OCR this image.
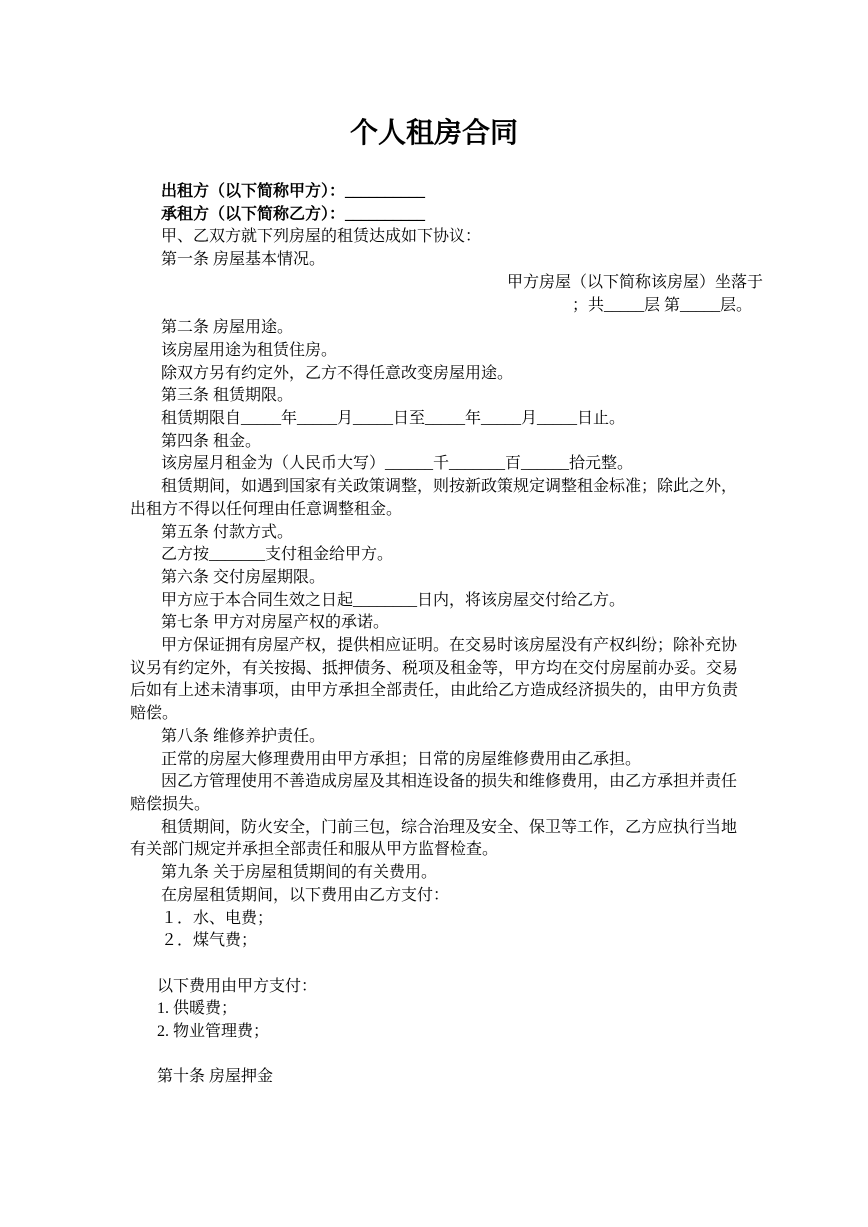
个人租房合同
出租方（以下简称甲方）：__________
承租方（以下简称乙方）：__________
甲、乙双方就下列房屋的租赁达成如下协议：
第一条 房屋基本情况。
甲方房屋（以下简称该房屋）坐落于
；共_____层 第_____层。
第二条 房屋用途。
该房屋用途为租赁住房。
除双方另有约定外，乙方不得任意改变房屋用途。
第三条 租赁期限。
租赁期限自_____年_____月_____日至_____年_____月_____日止。
第四条 租金。
该房屋月租金为（人民币大写）______千_______百______拾元整。
租赁期间，如遇到国家有关政策调整，则按新政策规定调整租金标准；除此之外，
出租方不得以任何理由任意调整租金。
第五条 付款方式。
乙方按_______支付租金给甲方。
第六条 交付房屋期限。
甲方应于本合同生效之日起________日内，将该房屋交付给乙方。
第七条 甲方对房屋产权的承诺。
甲方保证拥有房屋产权，提供相应证明。在交易时该房屋没有产权纠纷；除补充协
议另有约定外，有关按揭、抵押债务、税项及租金等，甲方均在交付房屋前办妥。交易
后如有上述未清事项，由甲方承担全部责任，由此给乙方造成经济损失的，由甲方负责
赔偿。
第八条 维修养护责任。
正常的房屋大修理费用由甲方承担；日常的房屋维修费用由乙承担。
因乙方管理使用不善造成房屋及其相连设备的损失和维修费用，由乙方承担并责任
赔偿损失。
租赁期间，防火安全，门前三包，综合治理及安全、保卫等工作，乙方应执行当地
有关部门规定并承担全部责任和服从甲方监督检查。
第九条 关于房屋租赁期间的有关费用。
在房屋租赁期间，以下费用由乙方支付：
１．水、电费；
２．煤气费；
以下费用由甲方支付：
1. 供暖费；
2. 物业管理费；
第十条 房屋押金
